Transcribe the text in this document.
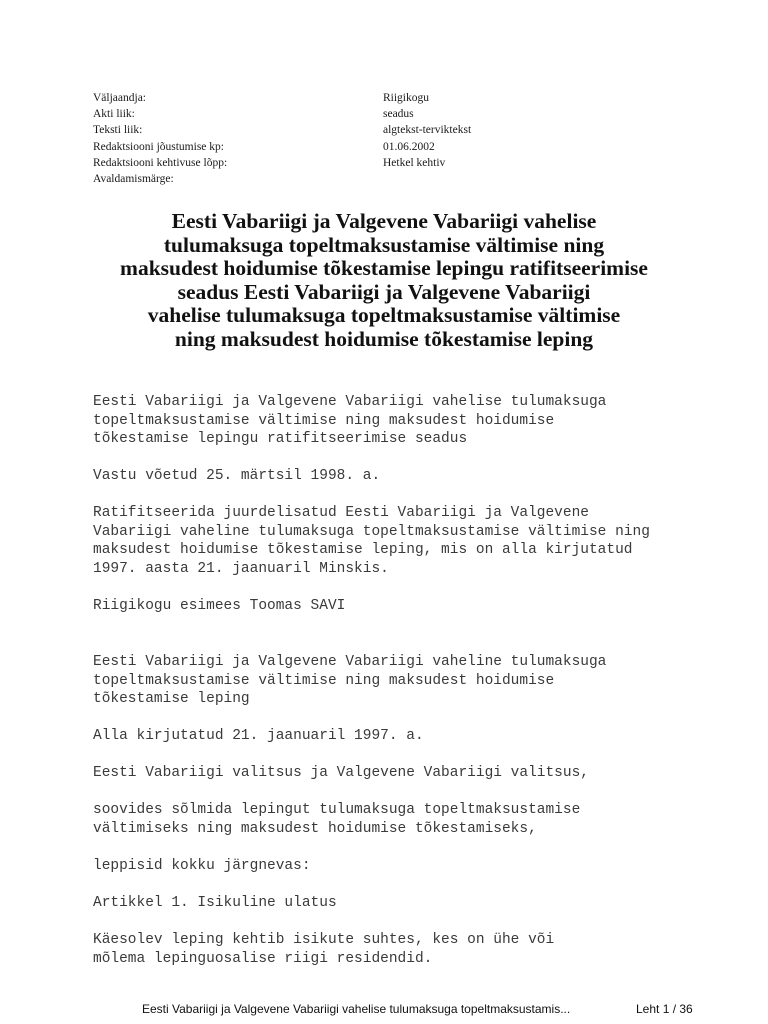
Väljaandja:	Riigikogu
Akti liik:	seadus
Teksti liik:	algtekst-terviktekst
Redaktsiooni jõustumise kp:	01.06.2002
Redaktsiooni kehtivuse lõpp:	Hetkel kehtiv
Avaldamismärge:
Eesti Vabariigi ja Valgevene Vabariigi vahelise
tulumaksuga topeltmaksustamise vältimise ning
maksudest hoidumise tõkestamise lepingu ratifitseerimise
seadus Eesti Vabariigi ja Valgevene Vabariigi
vahelise tulumaksuga topeltmaksustamise vältimise
ning maksudest hoidumise tõkestamise leping

Eesti Vabariigi ja Valgevene Vabariigi vahelise tulumaksuga
topeltmaksustamise vältimise ning maksudest hoidumise
tõkestamise lepingu ratifitseerimise seadus

Vastu võetud 25. märtsil 1998. a.

Ratifitseerida juurdelisatud Eesti Vabariigi ja Valgevene
Vabariigi vaheline tulumaksuga topeltmaksustamise vältimise ning
maksudest hoidumise tõkestamise leping, mis on alla kirjutatud
1997. aasta 21. jaanuaril Minskis.

Riigikogu esimees Toomas SAVI

Eesti Vabariigi ja Valgevene Vabariigi vaheline tulumaksuga
topeltmaksustamise vältimise ning maksudest hoidumise
tõkestamise leping

Alla kirjutatud 21. jaanuaril 1997. a.

Eesti Vabariigi valitsus ja Valgevene Vabariigi valitsus,

soovides sõlmida lepingut tulumaksuga topeltmaksustamise
vältimiseks ning maksudest hoidumise tõkestamiseks,

leppisid kokku järgnevas:

Artikkel 1. Isikuline ulatus

Käesolev leping kehtib isikute suhtes, kes on ühe või
mõlema lepinguosalise riigi residendid.

Eesti Vabariigi ja Valgevene Vabariigi vahelise tulumaksuga topeltmaksustamis...	Leht 1 / 36
